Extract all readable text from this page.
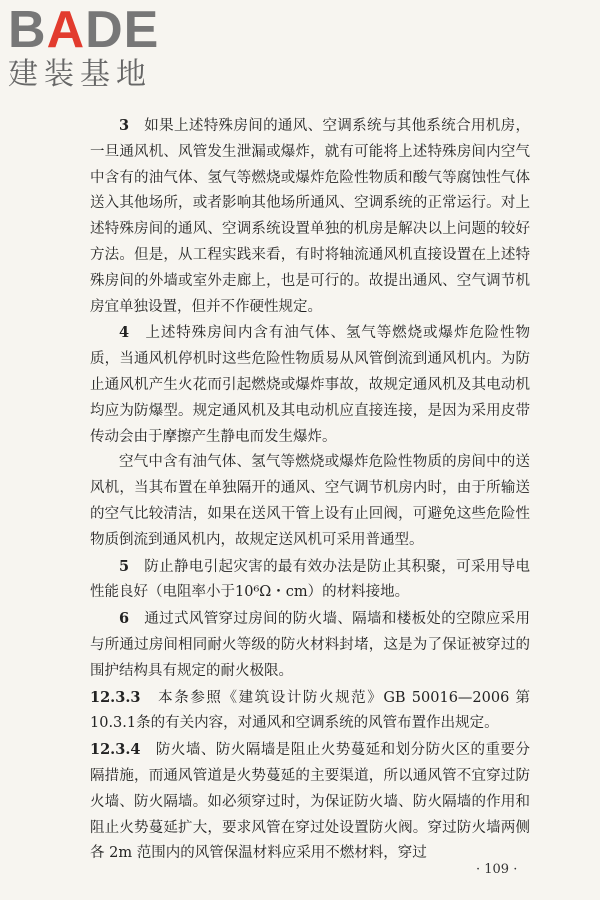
BADE
建装基地

3　 如果上述特殊房间的通风、空调系统与其他系统合用机房，一旦通风机、风管发生泄漏或爆炸，就有可能将上述特殊房间内空气中含有的油气体、氢气等燃烧或爆炸危险性物质和酸气等腐蚀性气体送入其他场所，或者影响其他场所通风、空调系统的正常运行。对上述特殊房间的通风、空调系统设置单独的机房是解决以上问题的较好方法。但是，从工程实践来看，有时将轴流通风机直接设置在上述特殊房间的外墙或室外走廊上，也是可行的。故提出通风、空气调节机房宜单独设置，但并不作硬性规定。

4　 上述特殊房间内含有油气体、氢气等燃烧或爆炸危险性物质，当通风机停机时这些危险性物质易从风管倒流到通风机内。为防止通风机产生火花而引起燃烧或爆炸事故，故规定通风机及其电动机均应为防爆型。规定通风机及其电动机应直接连接，是因为采用皮带传动会由于摩擦产生静电而发生爆炸。

空气中含有油气体、氢气等燃烧或爆炸危险性物质的房间中的送风机，当其布置在单独隔开的通风、空气调节机房内时，由于所输送的空气比较清洁，如果在送风干管上设有止回阀，可避免这些危险性物质倒流到通风机内，故规定送风机可采用普通型。

5　 防止静电引起灾害的最有效办法是防止其积聚，可采用导电性能良好（电阻率小于10⁶Ω・cm）的材料接地。

6　 通过式风管穿过房间的防火墙、隔墙和楼板处的空隙应采用与所通过房间相同耐火等级的防火材料封堵，这是为了保证被穿过的围护结构具有规定的耐火极限。

12.3.3　 本条参照《建筑设计防火规范》GB 50016—2006 第10.3.1条的有关内容，对通风和空调系统的风管布置作出规定。

12.3.4　 防火墙、防火隔墙是阻止火势蔓延和划分防火区的重要分隔措施，而通风管道是火势蔓延的主要渠道，所以通风管不宜穿过防火墙、防火隔墙。如必须穿过时，为保证防火墙、防火隔墙的作用和阻止火势蔓延扩大，要求风管在穿过处设置防火阀。穿过防火墙两侧各 2m 范围内的风管保温材料应采用不燃材料，穿过

· 109 ·
